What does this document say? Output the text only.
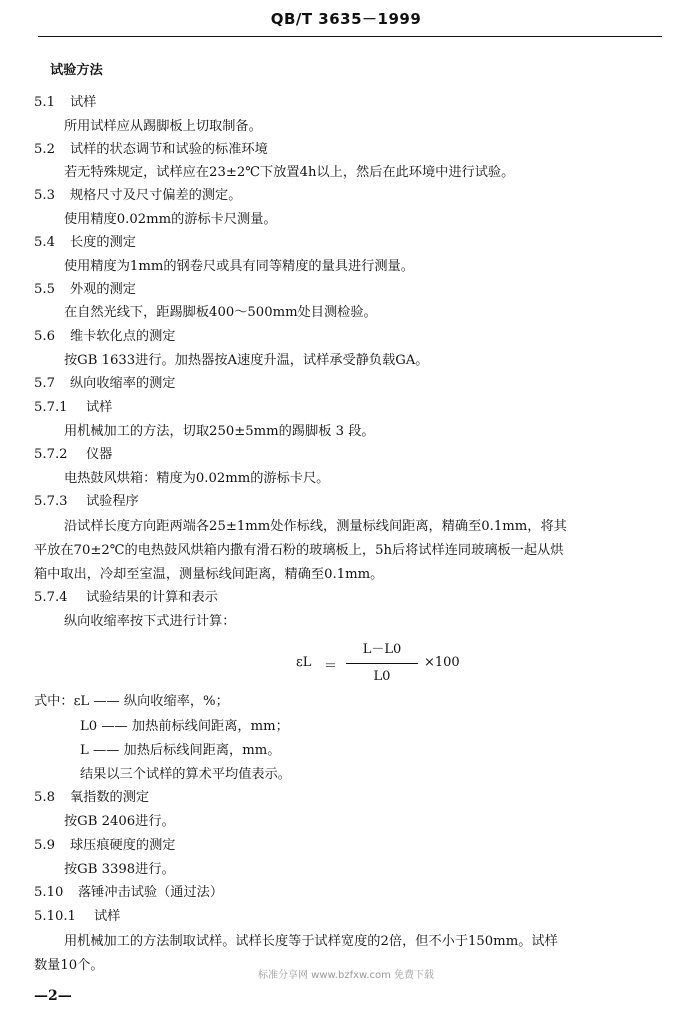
QB/T 3635－1999
试验方法
5.1 试样
所用试样应从踢脚板上切取制备。
5.2 试样的状态调节和试验的标准环境
若无特殊规定，试样应在23±2℃下放置4h以上，然后在此环境中进行试验。
5.3 规格尺寸及尺寸偏差的测定。
使用精度0.02mm的游标卡尺测量。
5.4 长度的测定
使用精度为1mm的钢卷尺或具有同等精度的量具进行测量。
5.5 外观的测定
在自然光线下，距踢脚板400～500mm处目测检验。
5.6 维卡软化点的测定
按GB 1633进行。加热器按A速度升温，试样承受静负载GA。
5.7 纵向收缩率的测定
5.7.1 试样
用机械加工的方法，切取250±5mm的踢脚板 3 段。
5.7.2 仪器
电热鼓风烘箱：精度为0.02mm的游标卡尺。
5.7.3 试验程序
沿试样长度方向距两端各25±1mm处作标线，测量标线间距离，精确至0.1mm，将其
平放在70±2℃的电热鼓风烘箱内撒有滑石粉的玻璃板上，5h后将试样连同玻璃板一起从烘
箱中取出，冷却至室温，测量标线间距离，精确至0.1mm。
5.7.4 试验结果的计算和表示
纵向收缩率按下式进行计算：
εL ＝
L－L0
L0
×100
式中：εL —— 纵向收缩率，%；
L0 —— 加热前标线间距离，mm；
L —— 加热后标线间距离，mm。
结果以三个试样的算术平均值表示。
5.8 氧指数的测定
按GB 2406进行。
5.9 球压痕硬度的测定
按GB 3398进行。
5.10 落锤冲击试验（通过法）
5.10.1 试样
用机械加工的方法制取试样。试样长度等于试样宽度的2倍，但不小于150mm。试样
数量10个。
标准分享网 www.bzfxw.com 免费下载
—2—
